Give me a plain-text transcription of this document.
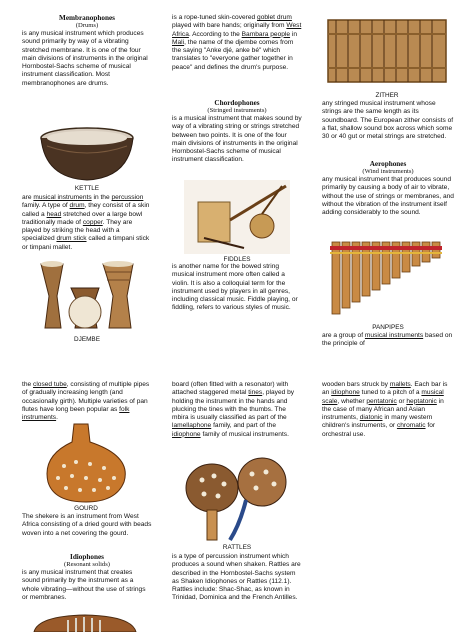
Membranophones
(Drums)
is any musical instrument which produces sound primarily by way of a vibrating stretched membrane. It is one of the four main divisions of instruments in the original Hornbostel-Sachs scheme of musical instrument classification. Most membranophones are drums.
KETTLE
are musical instruments in the percussion family. A type of drum, they consist of a skin called a head stretched over a large bowl traditionally made of copper. They are played by striking the head with a specialized drum stick called a timpani stick or timpani mallet.
DJEMBE
is a rope-tuned skin-covered goblet drum played with bare hands; originally from West Africa. According to the Bambara people in Mali, the name of the djembe comes from the saying "Anke djé, anke bé" which translates to "everyone gather together in peace" and defines the drum's purpose.
Chordophones
(Stringed instruments)
is a musical instrument that makes sound by way of a vibrating string or strings stretched between two points. It is one of the four main divisions of instruments in the original Hornbostel-Sachs scheme of musical instrument classification.
FIDDLES
is another name for the bowed string musical instrument more often called a violin. It is also a colloquial term for the instrument used by players in all genres, including classical music. Fiddle playing, or fiddling, refers to various styles of music.
ZITHER
any stringed musical instrument whose strings are the same length as its soundboard. The European zither consists of a flat, shallow sound box across which some 30 or 40 gut or metal strings are stretched.
Aerophones
(Wind instruments)
any musical instrument that produces sound primarily by causing a body of air to vibrate, without the use of strings or membranes, and without the vibration of the instrument itself adding considerably to the sound.
PANPIPES
are a group of musical instruments based on the principle of
the closed tube, consisting of multiple pipes of gradually increasing length (and occasionally girth). Multiple varieties of pan flutes have long been popular as folk instruments.
GOURD
The shekere is an instrument from West Africa consisting of a dried gourd with beads woven into a net covering the gourd.
Idiophones
(Resonant solids)
is any musical instrument that creates sound primarily by the instrument as a whole vibrating—without the use of strings or membranes.
board (often fitted with a resonator) with attached staggered metal tines, played by holding the instrument in the hands and plucking the tines with the thumbs. The mbira is usually classified as part of the lamellaphone family, and part of the idiophone family of musical instruments.
RATTLES
is a type of percussion instrument which produces a sound when shaken. Rattles are described in the Hornbostel-Sachs system as Shaken Idiophones or Rattles (112.1). Rattles include: Shac-Shac, as known in Trinidad, Dominica and the French Antilles.
wooden bars struck by mallets. Each bar is an idiophone tuned to a pitch of a musical scale, whether pentatonic or heptatonic in the case of many African and Asian instruments, diatonic in many western children's instruments, or chromatic for orchestral use.
